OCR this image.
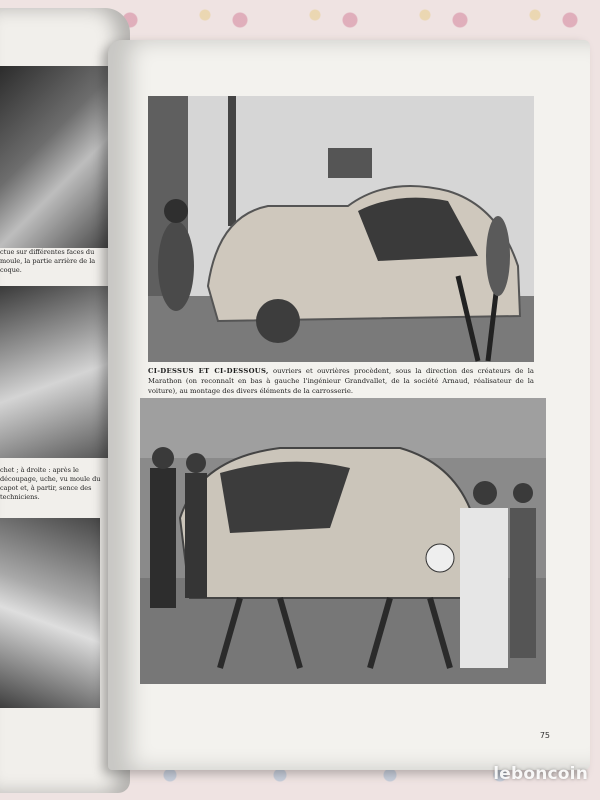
ctue sur différentes faces du moule, la partie arrière de la coque.
chet ; à droite : après le découpage, uche, vu moule du capot et, à partir, sence des techniciens.
CI-DESSUS ET CI-DESSOUS, ouvriers et ouvrières procèdent, sous la direction des créateurs de la Marathon (on reconnaît en bas à gauche l'ingénieur Grandvallet, de la société Arnaud, réalisateur de la voiture), au montage des divers éléments de la carrosserie.
75
leboncoin
